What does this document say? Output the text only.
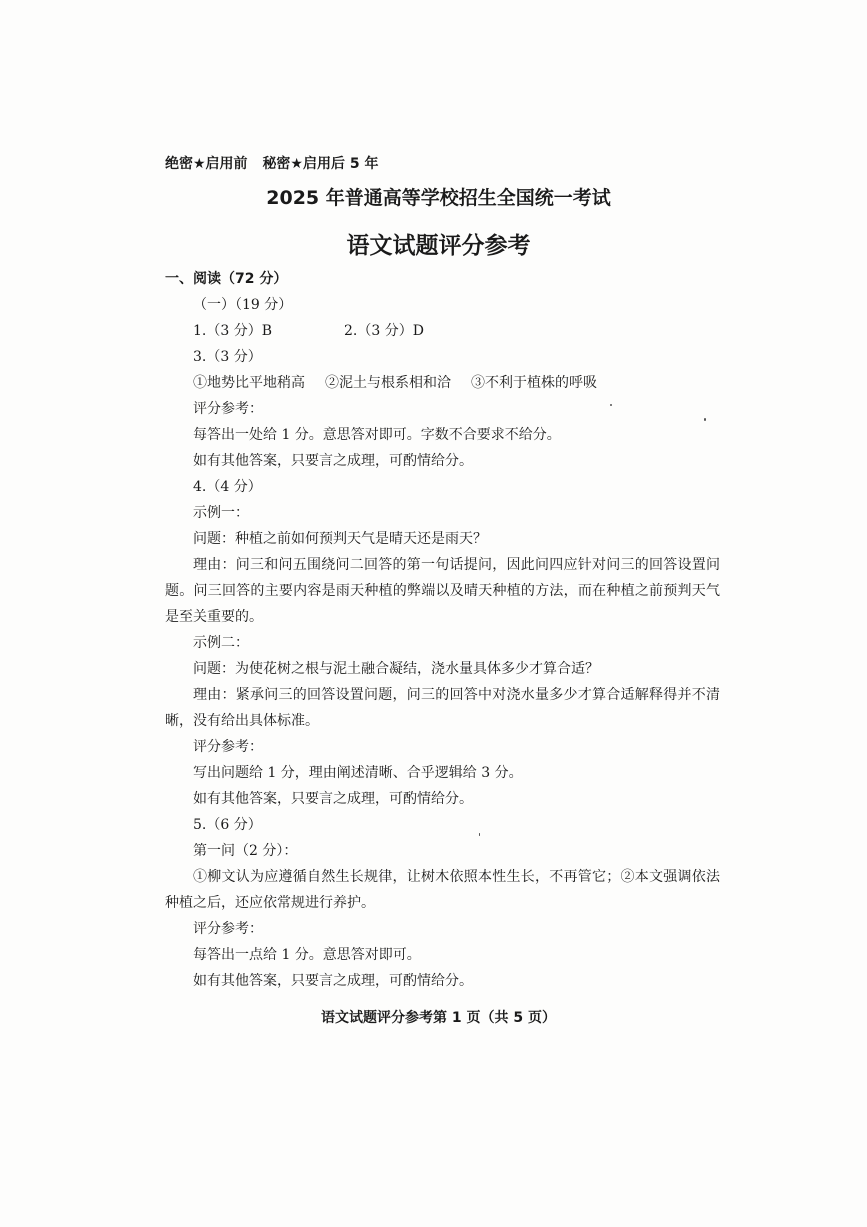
绝密★启用前 秘密★启用后 5 年
2025 年普通高等学校招生全国统一考试
语文试题评分参考
一、阅读（72 分）
（一）（19 分）
1.（3 分）B	2.（3 分）D
3.（3 分）
①地势比平地稍高 ②泥土与根系相和洽 ③不利于植株的呼吸
评分参考：
每答出一处给 1 分。意思答对即可。字数不合要求不给分。
如有其他答案，只要言之成理，可酌情给分。
4.（4 分）
示例一：
问题：种植之前如何预判天气是晴天还是雨天？
理由：问三和问五围绕问二回答的第一句话提问，因此问四应针对问三的回答设置问题。问三回答的主要内容是雨天种植的弊端以及晴天种植的方法，而在种植之前预判天气是至关重要的。
示例二：
问题：为使花树之根与泥土融合凝结，浇水量具体多少才算合适？
理由：紧承问三的回答设置问题，问三的回答中对浇水量多少才算合适解释得并不清晰，没有给出具体标准。
评分参考：
写出问题给 1 分，理由阐述清晰、合乎逻辑给 3 分。
如有其他答案，只要言之成理，可酌情给分。
5.（6 分）
第一问（2 分）：
①柳文认为应遵循自然生长规律，让树木依照本性生长，不再管它；②本文强调依法种植之后，还应依常规进行养护。
评分参考：
每答出一点给 1 分。意思答对即可。
如有其他答案，只要言之成理，可酌情给分。
语文试题评分参考第 1 页（共 5 页）
